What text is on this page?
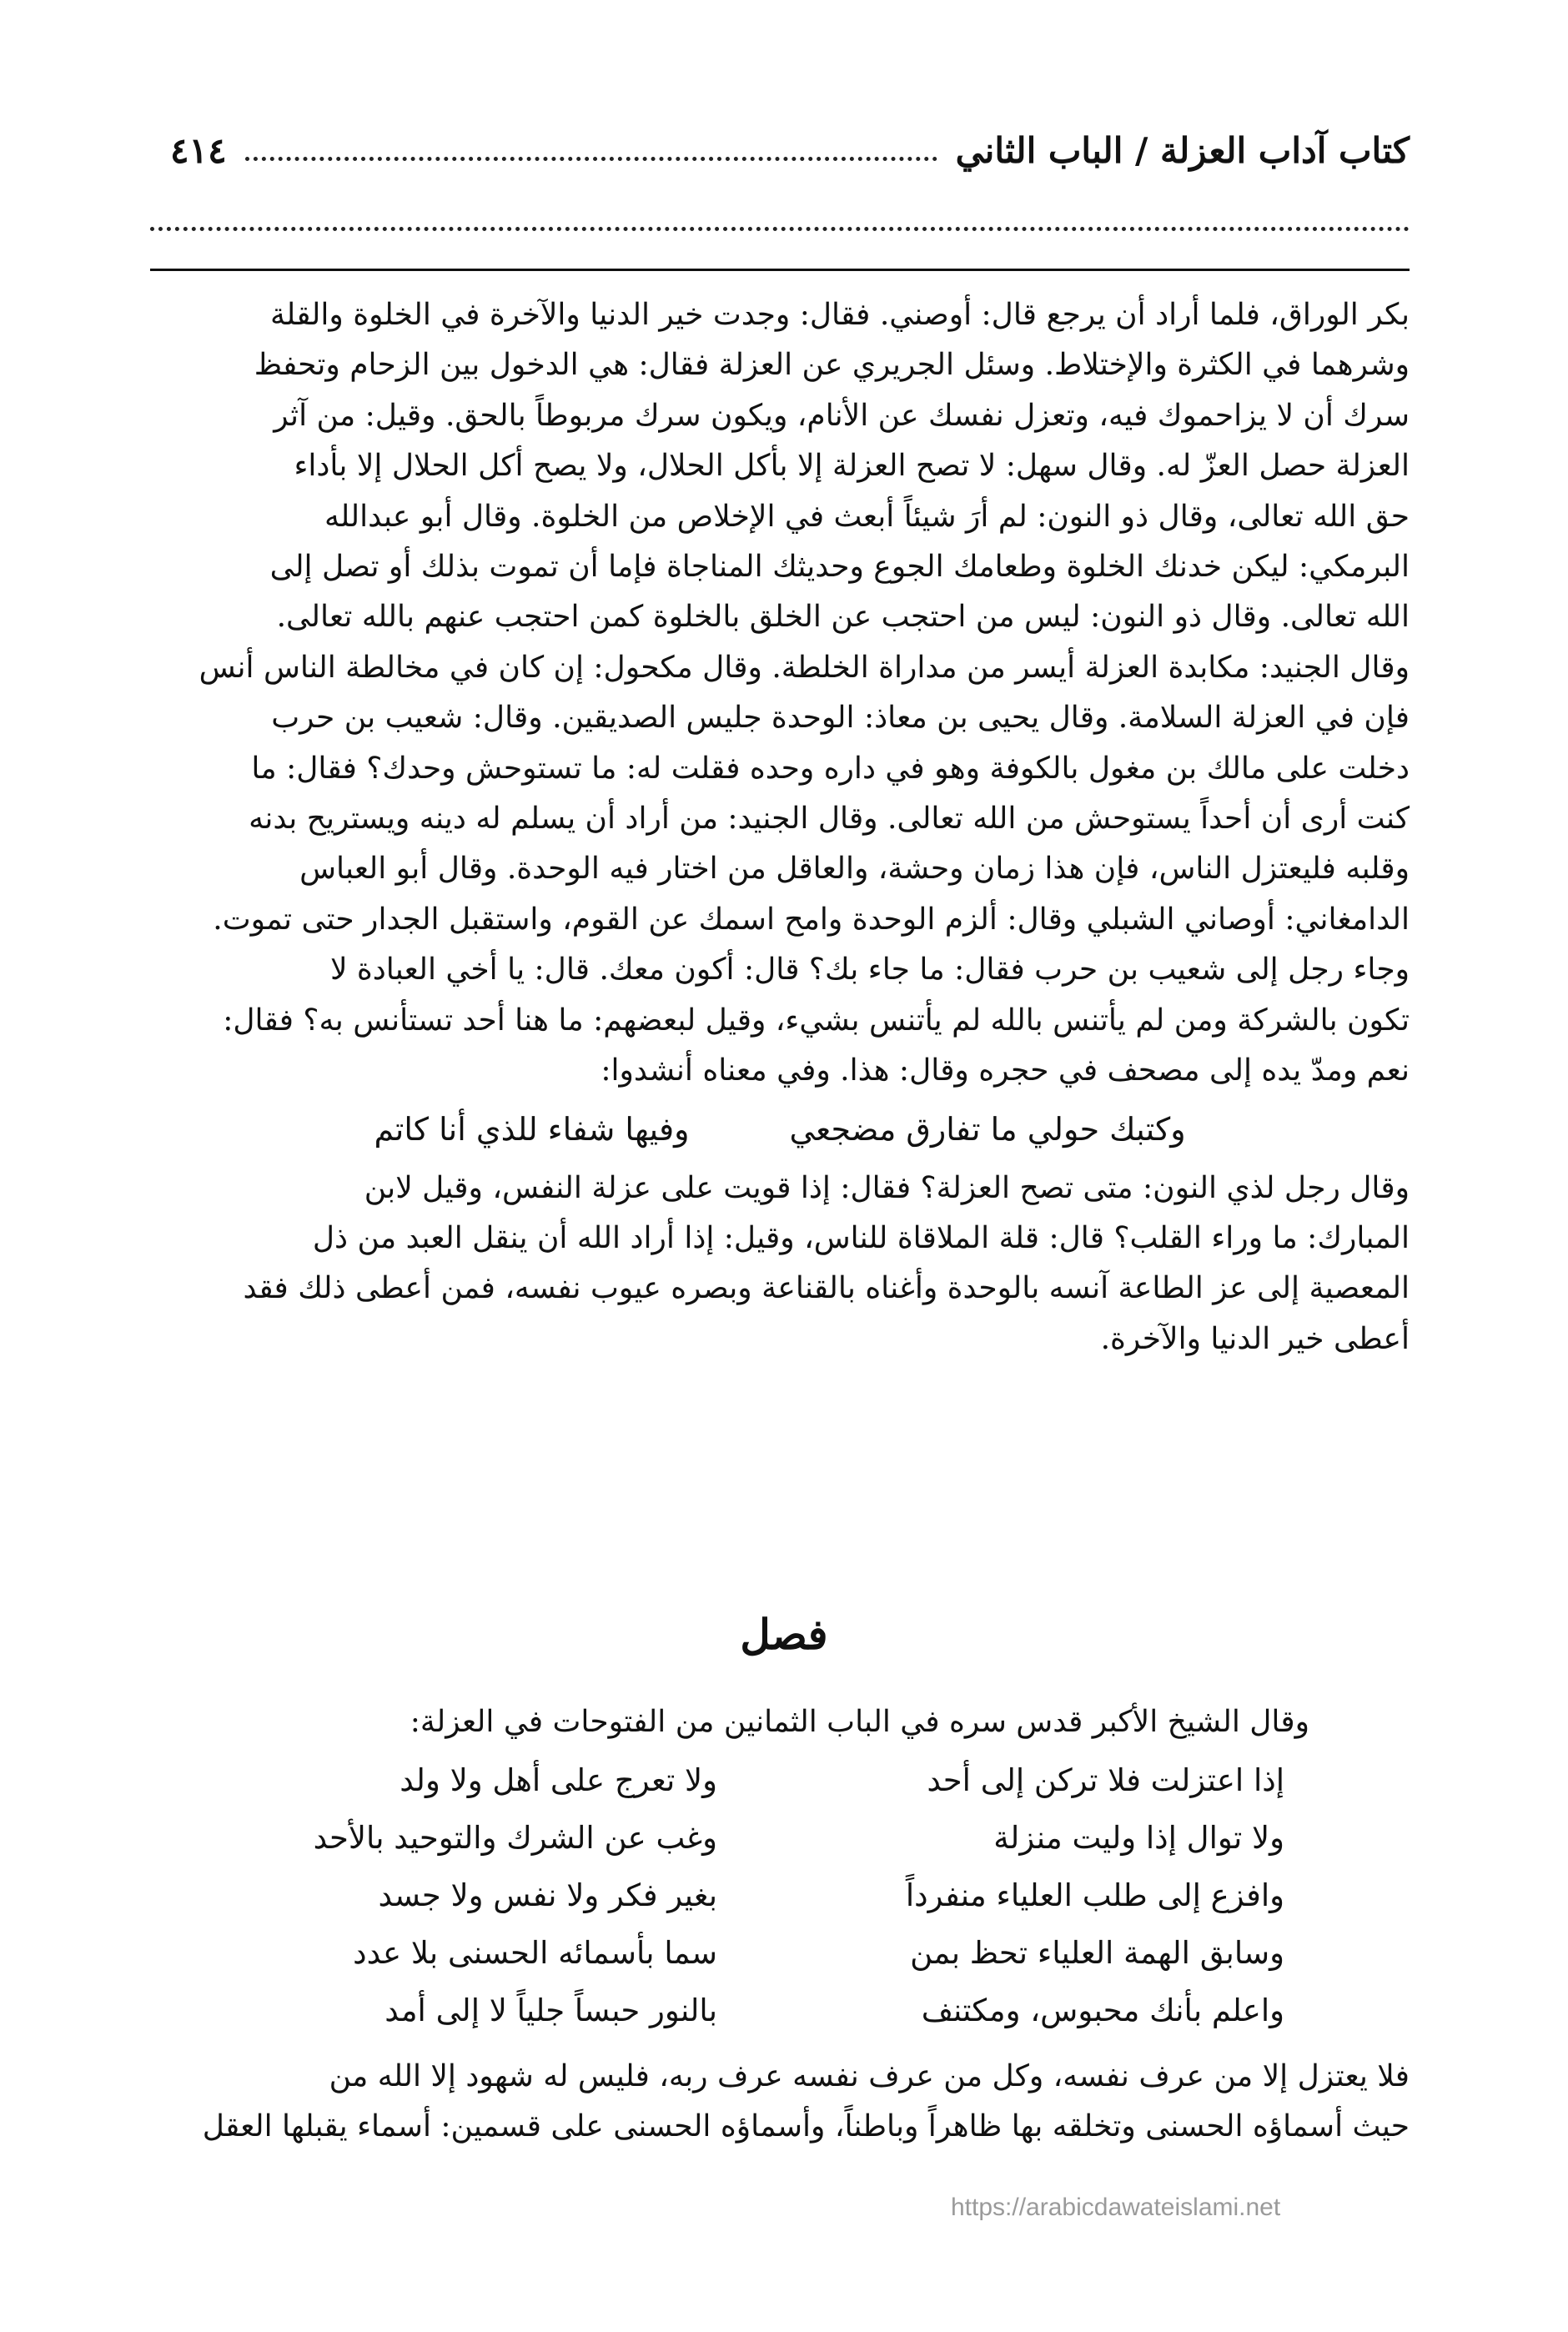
كتاب آداب العزلة / الباب الثاني
٤١٤
بكر الوراق، فلما أراد أن يرجع قال: أوصني. فقال: وجدت خير الدنيا والآخرة في الخلوة والقلة
وشرهما في الكثرة والإختلاط. وسئل الجريري عن العزلة فقال: هي الدخول بين الزحام وتحفظ
سرك أن لا يزاحموك فيه، وتعزل نفسك عن الأنام، ويكون سرك مربوطاً بالحق. وقيل: من آثر
العزلة حصل العزّ له. وقال سهل: لا تصح العزلة إلا بأكل الحلال، ولا يصح أكل الحلال إلا بأداء
حق الله تعالى، وقال ذو النون: لم أرَ شيئاً أبعث في الإخلاص من الخلوة. وقال أبو عبدالله
البرمكي: ليكن خدنك الخلوة وطعامك الجوع وحديثك المناجاة فإما أن تموت بذلك أو تصل إلى
الله تعالى. وقال ذو النون: ليس من احتجب عن الخلق بالخلوة كمن احتجب عنهم بالله تعالى.
وقال الجنيد: مكابدة العزلة أيسر من مداراة الخلطة. وقال مكحول: إن كان في مخالطة الناس أنس
فإن في العزلة السلامة. وقال يحيى بن معاذ: الوحدة جليس الصديقين. وقال: شعيب بن حرب
دخلت على مالك بن مغول بالكوفة وهو في داره وحده فقلت له: ما تستوحش وحدك؟ فقال: ما
كنت أرى أن أحداً يستوحش من الله تعالى. وقال الجنيد: من أراد أن يسلم له دينه ويستريح بدنه
وقلبه فليعتزل الناس، فإن هذا زمان وحشة، والعاقل من اختار فيه الوحدة. وقال أبو العباس
الدامغاني: أوصاني الشبلي وقال: ألزم الوحدة وامح اسمك عن القوم، واستقبل الجدار حتى تموت.
وجاء رجل إلى شعيب بن حرب فقال: ما جاء بك؟ قال: أكون معك. قال: يا أخي العبادة لا
تكون بالشركة ومن لم يأتنس بالله لم يأتنس بشيء، وقيل لبعضهم: ما هنا أحد تستأنس به؟ فقال:
نعم ومدّ يده إلى مصحف في حجره وقال: هذا. وفي معناه أنشدوا:
وكتبك حولي ما تفارق مضجعي
وفيها شفاء للذي أنا كاتم
وقال رجل لذي النون: متى تصح العزلة؟ فقال: إذا قويت على عزلة النفس، وقيل لابن
المبارك: ما وراء القلب؟ قال: قلة الملاقاة للناس، وقيل: إذا أراد الله أن ينقل العبد من ذل
المعصية إلى عز الطاعة آنسه بالوحدة وأغناه بالقناعة وبصره عيوب نفسه، فمن أعطى ذلك فقد
أعطى خير الدنيا والآخرة.
فصل
وقال الشيخ الأكبر قدس سره في الباب الثمانين من الفتوحات في العزلة:
إذا اعتزلت فلا تركن إلى أحد
ولا تعرج على أهل ولا ولد
ولا توال إذا وليت منزلة
وغب عن الشرك والتوحيد بالأحد
وافزع إلى طلب العلياء منفرداً
بغير فكر ولا نفس ولا جسد
وسابق الهمة العلياء تحظ بمن
سما بأسمائه الحسنى بلا عدد
واعلم بأنك محبوس، ومكتنف
بالنور حبساً جلياً لا إلى أمد
فلا يعتزل إلا من عرف نفسه، وكل من عرف نفسه عرف ربه، فليس له شهود إلا الله من
حيث أسماؤه الحسنى وتخلقه بها ظاهراً وباطناً، وأسماؤه الحسنى على قسمين: أسماء يقبلها العقل
https://arabicdawateislami.net
